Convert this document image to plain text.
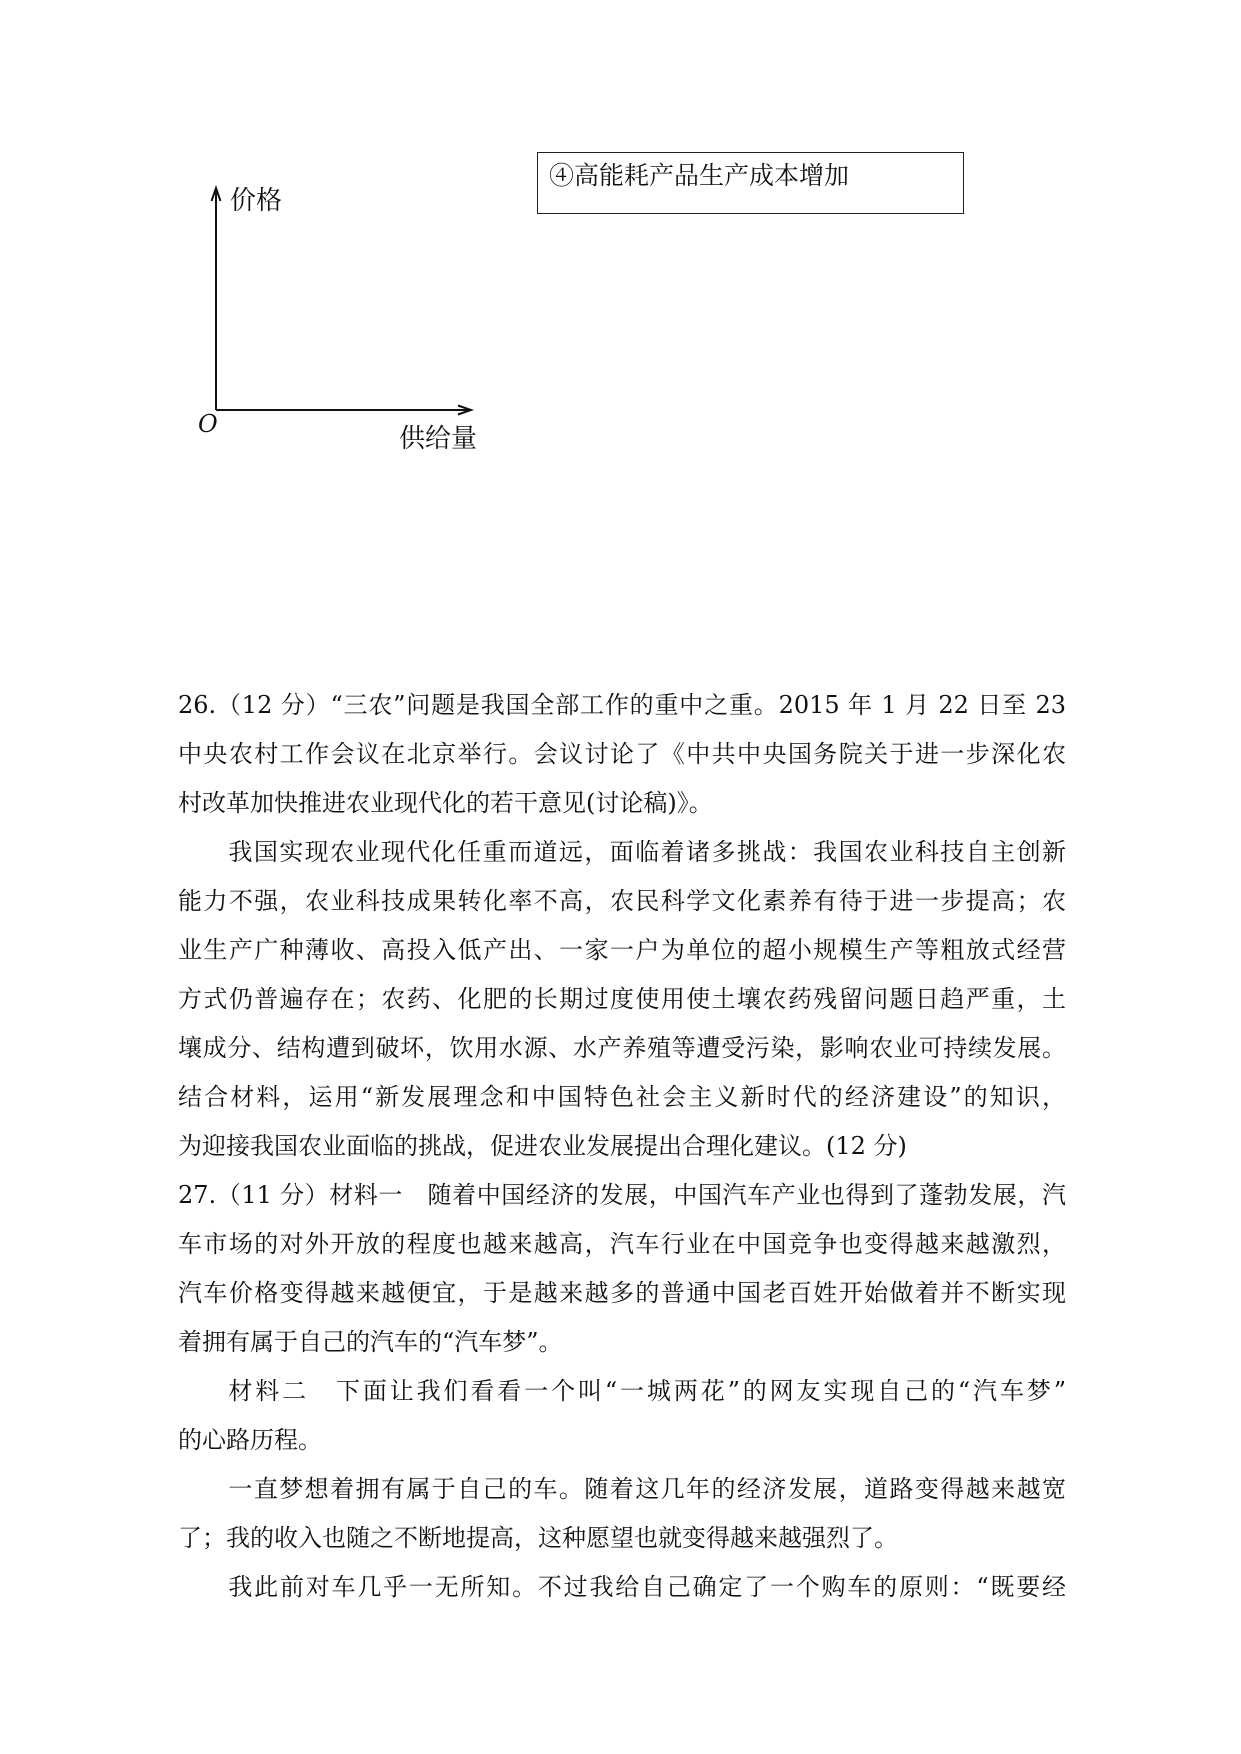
④高能耗产品生产成本增加
价格
O	供给量
26.（12 分）“三农”问题是我国全部工作的重中之重。2015 年 1 月 22 日至 23
中央农村工作会议在北京举行。会议讨论了《中共中央国务院关于进一步深化农
村改革加快推进农业现代化的若干意见(讨论稿)》。
我国实现农业现代化任重而道远，面临着诸多挑战：我国农业科技自主创新
能力不强，农业科技成果转化率不高，农民科学文化素养有待于进一步提高；农
业生产广种薄收、高投入低产出、一家一户为单位的超小规模生产等粗放式经营
方式仍普遍存在；农药、化肥的长期过度使用使土壤农药残留问题日趋严重，土
壤成分、结构遭到破坏，饮用水源、水产养殖等遭受污染，影响农业可持续发展。
结合材料，运用“新发展理念和中国特色社会主义新时代的经济建设”的知识，
为迎接我国农业面临的挑战，促进农业发展提出合理化建议。(12 分)
27.（11 分）材料一　随着中国经济的发展，中国汽车产业也得到了蓬勃发展，汽
车市场的对外开放的程度也越来越高，汽车行业在中国竞争也变得越来越激烈，
汽车价格变得越来越便宜，于是越来越多的普通中国老百姓开始做着并不断实现
着拥有属于自己的汽车的“汽车梦”。
材料二　下面让我们看看一个叫“一城两花”的网友实现自己的“汽车梦”
的心路历程。
一直梦想着拥有属于自己的车。随着这几年的经济发展，道路变得越来越宽
了；我的收入也随之不断地提高，这种愿望也就变得越来越强烈了。
我此前对车几乎一无所知。不过我给自己确定了一个购车的原则：“既要经
